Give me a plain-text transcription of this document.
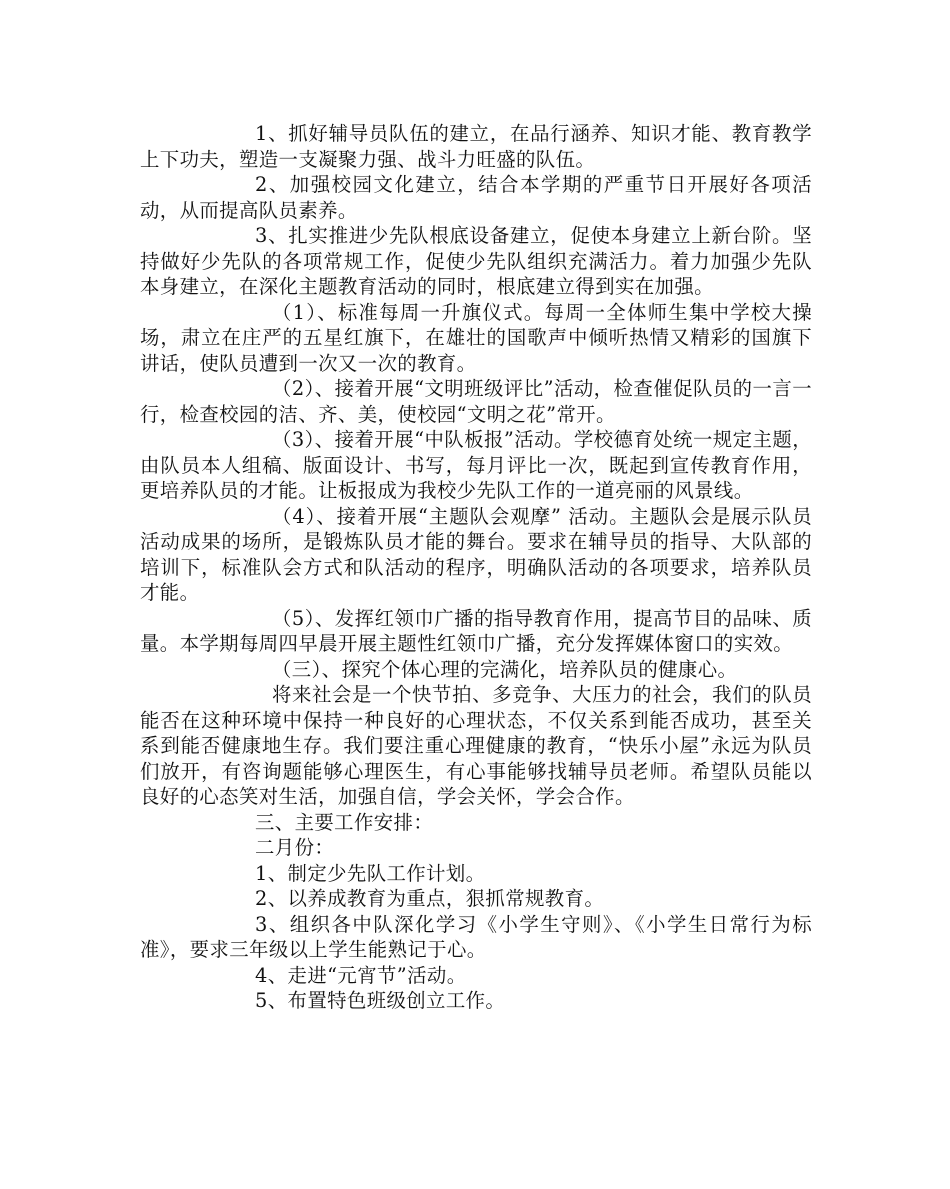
1、抓好辅导员队伍的建立，在品行涵养、知识才能、教育教学上下功夫，塑造一支凝聚力强、战斗力旺盛的队伍。

2、加强校园文化建立，结合本学期的严重节日开展好各项活动，从而提高队员素养。

3、扎实推进少先队根底设备建立，促使本身建立上新台阶。坚持做好少先队的各项常规工作，促使少先队组织充满活力。着力加强少先队本身建立，在深化主题教育活动的同时，根底建立得到实在加强。

（1）、标准每周一升旗仪式。每周一全体师生集中学校大操场，肃立在庄严的五星红旗下，在雄壮的国歌声中倾听热情又精彩的国旗下讲话，使队员遭到一次又一次的教育。

（2）、接着开展“文明班级评比”活动，检查催促队员的一言一行，检查校园的洁、齐、美，使校园“文明之花”常开。

（3）、接着开展“中队板报”活动。学校德育处统一规定主题，由队员本人组稿、版面设计、书写，每月评比一次，既起到宣传教育作用，更培养队员的才能。让板报成为我校少先队工作的一道亮丽的风景线。

（4）、接着开展“主题队会观摩” 活动。主题队会是展示队员活动成果的场所，是锻炼队员才能的舞台。要求在辅导员的指导、大队部的培训下，标准队会方式和队活动的程序，明确队活动的各项要求，培养队员才能。

（5）、发挥红领巾广播的指导教育作用，提高节目的品味、质量。本学期每周四早晨开展主题性红领巾广播，充分发挥媒体窗口的实效。

（三）、探究个体心理的完满化，培养队员的健康心。

将来社会是一个快节拍、多竞争、大压力的社会，我们的队员能否在这种环境中保持一种良好的心理状态，不仅关系到能否成功，甚至关系到能否健康地生存。我们要注重心理健康的教育，“快乐小屋”永远为队员们放开，有咨询题能够心理医生，有心事能够找辅导员老师。希望队员能以良好的心态笑对生活，加强自信，学会关怀，学会合作。

三、主要工作安排：

二月份：

1、制定少先队工作计划。

2、以养成教育为重点，狠抓常规教育。

3、组织各中队深化学习《小学生守则》、《小学生日常行为标准》，要求三年级以上学生能熟记于心。

4、走进“元宵节”活动。

5、布置特色班级创立工作。
